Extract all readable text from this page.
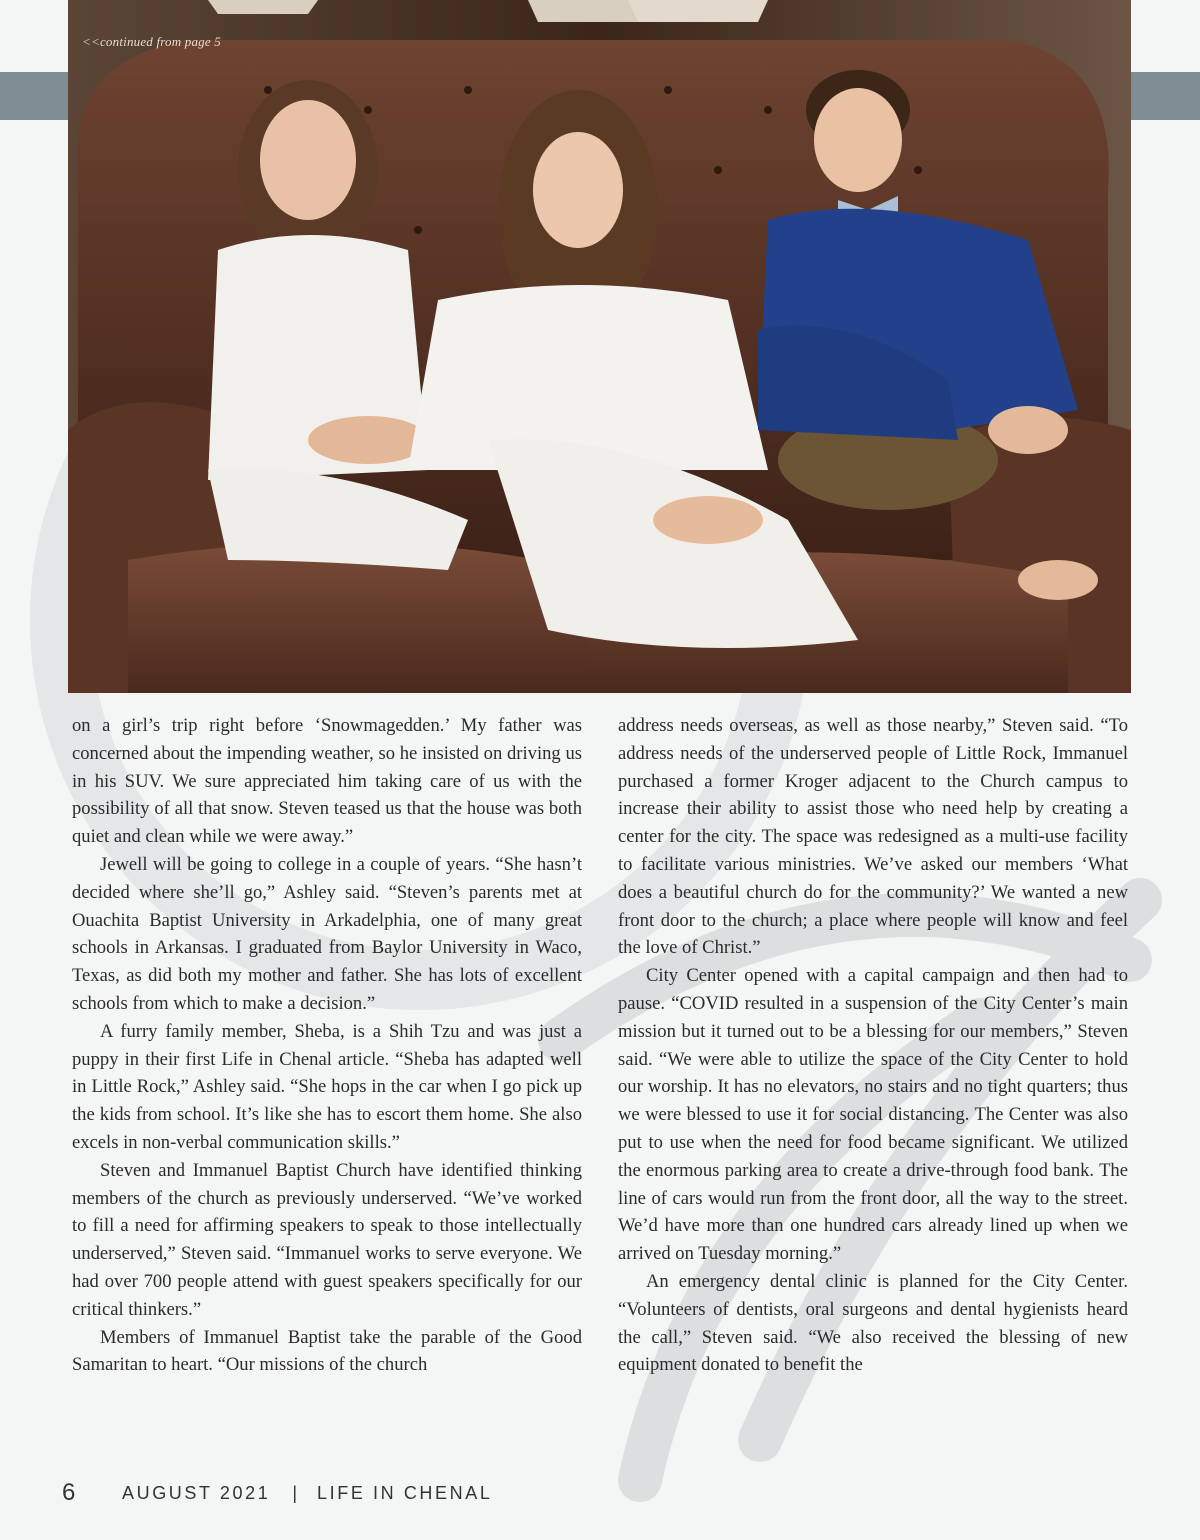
<<continued from page 5

on a girl’s trip right before ‘Snowmagedden.’ My father was concerned about the impending weather, so he insisted on driving us in his SUV. We sure appreciated him taking care of us with the possibility of all that snow. Steven teased us that the house was both quiet and clean while we were away.”

Jewell will be going to college in a couple of years. “She hasn’t decided where she’ll go,” Ashley said. “Steven’s parents met at Ouachita Baptist University in Arkadelphia, one of many great schools in Arkansas. I graduated from Baylor University in Waco, Texas, as did both my mother and father. She has lots of excellent schools from which to make a decision.”

A furry family member, Sheba, is a Shih Tzu and was just a puppy in their first Life in Chenal article. “Sheba has adapted well in Little Rock,” Ashley said. “She hops in the car when I go pick up the kids from school. It’s like she has to escort them home. She also excels in non-verbal communication skills.”

Steven and Immanuel Baptist Church have identified thinking members of the church as previously underserved. “We’ve worked to fill a need for affirming speakers to speak to those intellectually underserved,” Steven said. “Immanuel works to serve everyone. We had over 700 people attend with guest speakers specifically for our critical thinkers.”

Members of Immanuel Baptist take the parable of the Good Samaritan to heart. “Our missions of the church

address needs overseas, as well as those nearby,” Steven said. “To address needs of the underserved people of Little Rock, Immanuel purchased a former Kroger adjacent to the Church campus to increase their ability to assist those who need help by creating a center for the city. The space was redesigned as a multi-use facility to facilitate various ministries. We’ve asked our members ‘What does a beautiful church do for the community?’ We wanted a new front door to the church; a place where people will know and feel the love of Christ.”

City Center opened with a capital campaign and then had to pause. “COVID resulted in a suspension of the City Center’s main mission but it turned out to be a blessing for our members,” Steven said. “We were able to utilize the space of the City Center to hold our worship. It has no elevators, no stairs and no tight quarters; thus we were blessed to use it for social distancing. The Center was also put to use when the need for food became significant. We utilized the enormous parking area to create a drive-through food bank. The line of cars would run from the front door, all the way to the street. We’d have more than one hundred cars already lined up when we arrived on Tuesday morning.”

An emergency dental clinic is planned for the City Center. “Volunteers of dentists, oral surgeons and dental hygienists heard the call,” Steven said. “We also received the blessing of new equipment donated to benefit the

6	AUGUST 2021 | LIFE IN CHENAL
